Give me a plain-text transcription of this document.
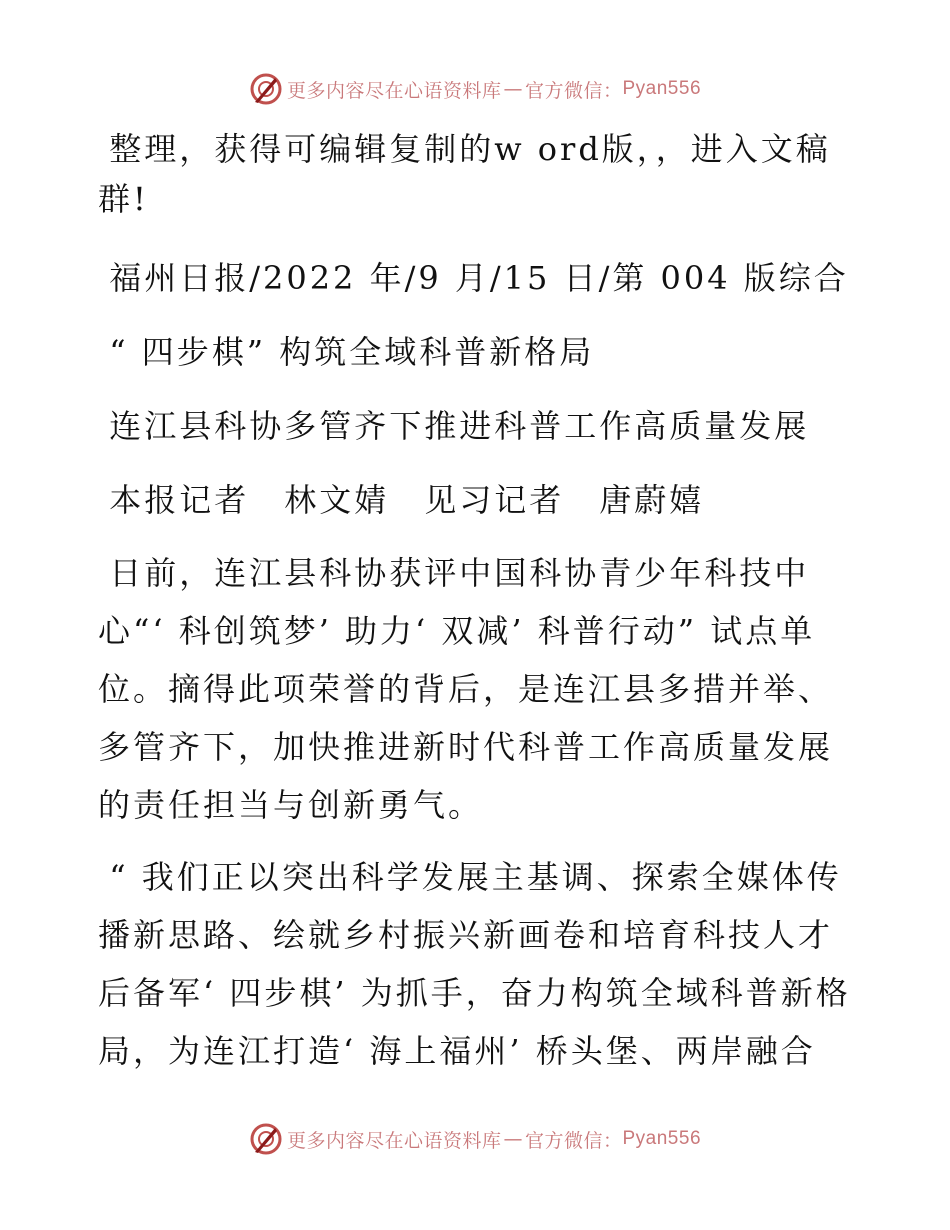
更多内容尽在心语资料库 — 官方微信： Pyan556

整理，获得可编辑复制的w ord版，，进入文稿群!

福州日报/2022 年/9 月/15 日/第 004 版综合

“ 四步棋” 构筑全域科普新格局

连江县科协多管齐下推进科普工作高质量发展

本报记者　林文婧　见习记者　唐蔚嬉

日前，连江县科协获评中国科协青少年科技中心“‘ 科创筑梦’ 助力‘ 双减’ 科普行动” 试点单位。摘得此项荣誉的背后，是连江县多措并举、多管齐下，加快推进新时代科普工作高质量发展的责任担当与创新勇气。

“ 我们正以突出科学发展主基调、探索全媒体传播新思路、绘就乡村振兴新画卷和培育科技人才后备军‘ 四步棋’ 为抓手，奋力构筑全域科普新格局，为连江打造‘ 海上福州’ 桥头堡、两岸融合

更多内容尽在心语资料库 — 官方微信： Pyan556
